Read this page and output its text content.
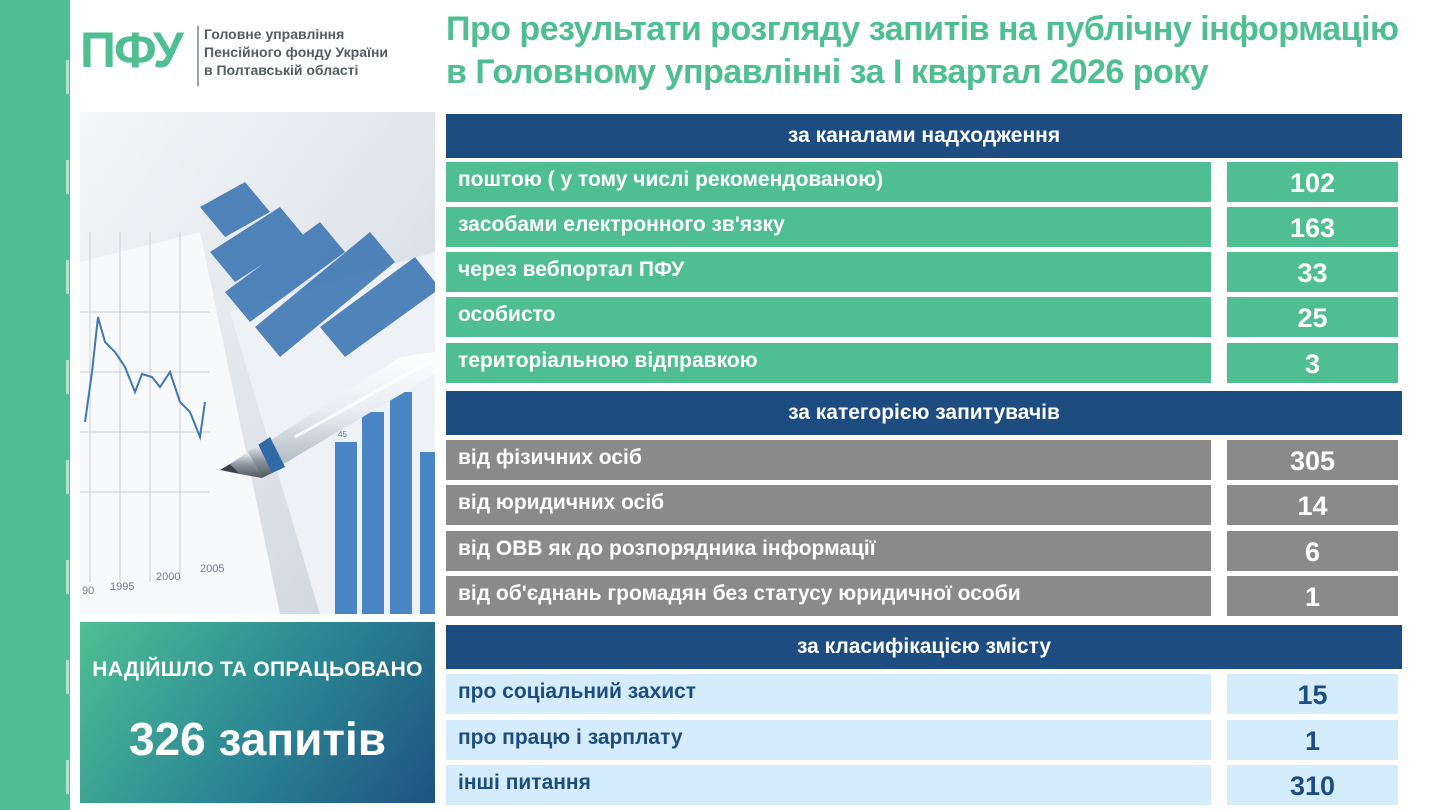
ПФУ Головне управління
Пенсійного фонду України
в Полтавській області
Про результати розгляду запитів на публічну інформацію
в Головному управлінні за І квартал 2026 року
45
90 1995
2000
2005
НАДІЙШЛО ТА ОПРАЦЬОВАНО
326 запитів
за каналами надходження
поштою ( у тому числі рекомендованою)	102
засобами електронного зв'язку	163
через вебпортал ПФУ	33
особисто	25
територіальною відправкою	3
за категорією запитувачів
від фізичних осіб	305
від юридичних осіб	14
від ОВВ як до розпорядника інформації	6
від об'єднань громадян без статусу юридичної особи	1
за класифікацією змісту
про соціальний захист	15
про працю і зарплату	1
інші питання	310
